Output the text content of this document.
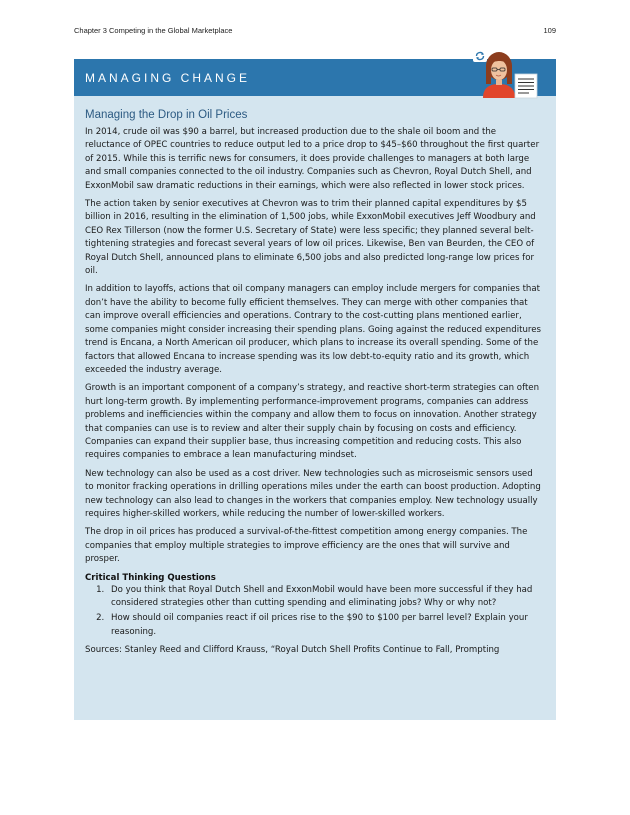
Chapter 3 Competing in the Global Marketplace	109
MANAGING CHANGE
Managing the Drop in Oil Prices

In 2014, crude oil was $90 a barrel, but increased production due to the shale oil boom and the reluctance of OPEC countries to reduce output led to a price drop to $45–$60 throughout the first quarter of 2015. While this is terrific news for consumers, it does provide challenges to managers at both large and small companies connected to the oil industry. Companies such as Chevron, Royal Dutch Shell, and ExxonMobil saw dramatic reductions in their earnings, which were also reflected in lower stock prices.

The action taken by senior executives at Chevron was to trim their planned capital expenditures by $5 billion in 2016, resulting in the elimination of 1,500 jobs, while ExxonMobil executives Jeff Woodbury and CEO Rex Tillerson (now the former U.S. Secretary of State) were less specific; they planned several belt-tightening strategies and forecast several years of low oil prices. Likewise, Ben van Beurden, the CEO of Royal Dutch Shell, announced plans to eliminate 6,500 jobs and also predicted long-range low prices for oil.

In addition to layoffs, actions that oil company managers can employ include mergers for companies that don’t have the ability to become fully efficient themselves. They can merge with other companies that can improve overall efficiencies and operations. Contrary to the cost-cutting plans mentioned earlier, some companies might consider increasing their spending plans. Going against the reduced expenditures trend is Encana, a North American oil producer, which plans to increase its overall spending. Some of the factors that allowed Encana to increase spending was its low debt-to-equity ratio and its growth, which exceeded the industry average.

Growth is an important component of a company’s strategy, and reactive short-term strategies can often hurt long-term growth. By implementing performance-improvement programs, companies can address problems and inefficiencies within the company and allow them to focus on innovation. Another strategy that companies can use is to review and alter their supply chain by focusing on costs and efficiency. Companies can expand their supplier base, thus increasing competition and reducing costs. This also requires companies to embrace a lean manufacturing mindset.

New technology can also be used as a cost driver. New technologies such as microseismic sensors used to monitor fracking operations in drilling operations miles under the earth can boost production. Adopting new technology can also lead to changes in the workers that companies employ. New technology usually requires higher-skilled workers, while reducing the number of lower-skilled workers.

The drop in oil prices has produced a survival-of-the-fittest competition among energy companies. The companies that employ multiple strategies to improve efficiency are the ones that will survive and prosper.

Critical Thinking Questions
1. Do you think that Royal Dutch Shell and ExxonMobil would have been more successful if they had considered strategies other than cutting spending and eliminating jobs? Why or why not?
2. How should oil companies react if oil prices rise to the $90 to $100 per barrel level? Explain your reasoning.

Sources: Stanley Reed and Clifford Krauss, “Royal Dutch Shell Profits Continue to Fall, Prompting
